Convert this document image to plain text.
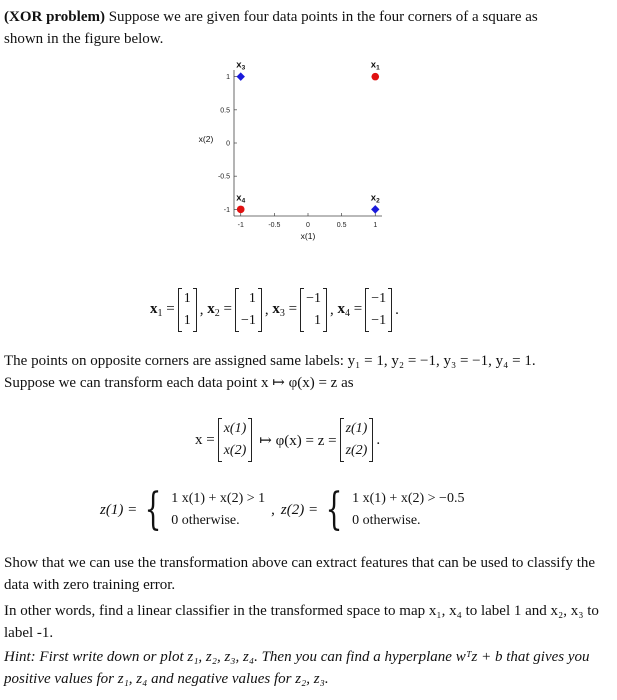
(XOR problem) Suppose we are given four data points in the four corners of a square as
shown in the figure below.
-1	-0.5	0	0.5	1
1
0.5
0
-0.5
-1
x(1)
x(2)
$x_1$
$x_2$
$x_3$
$x_4$
$x_1$ =
1
1
, $x_2$ =
1
−1
, $x_3$ =
−1
1
, $x_4$ =
−1
−1
.
The points on opposite corners are assigned same labels: y₁ = 1, y₂ = −1, y₃ = −1, y₄ = 1.
Suppose we can transform each data point x ↦ φ(x) = z as
x =
x(1)
x(2)
↦ φ(x) = z =
z(1)
z(2)
.
z(1) = { 1 x(1) + x(2) > 1
0 otherwise.
, z(2) = { 1 x(1) + x(2) > −0.5
0 otherwise.
Show that we can use the transformation above can extract features that can be used to classify the data with zero training error.
In other words, find a linear classifier in the transformed space to map x₁, x₄ to label 1 and x₂, x₃ to label -1.
Hint: First write down or plot z₁, z₂, z₃, z₄. Then you can find a hyperplane wᵀz + b that gives you positive values for z₁, z₄ and negative values for z₂, z₃.
